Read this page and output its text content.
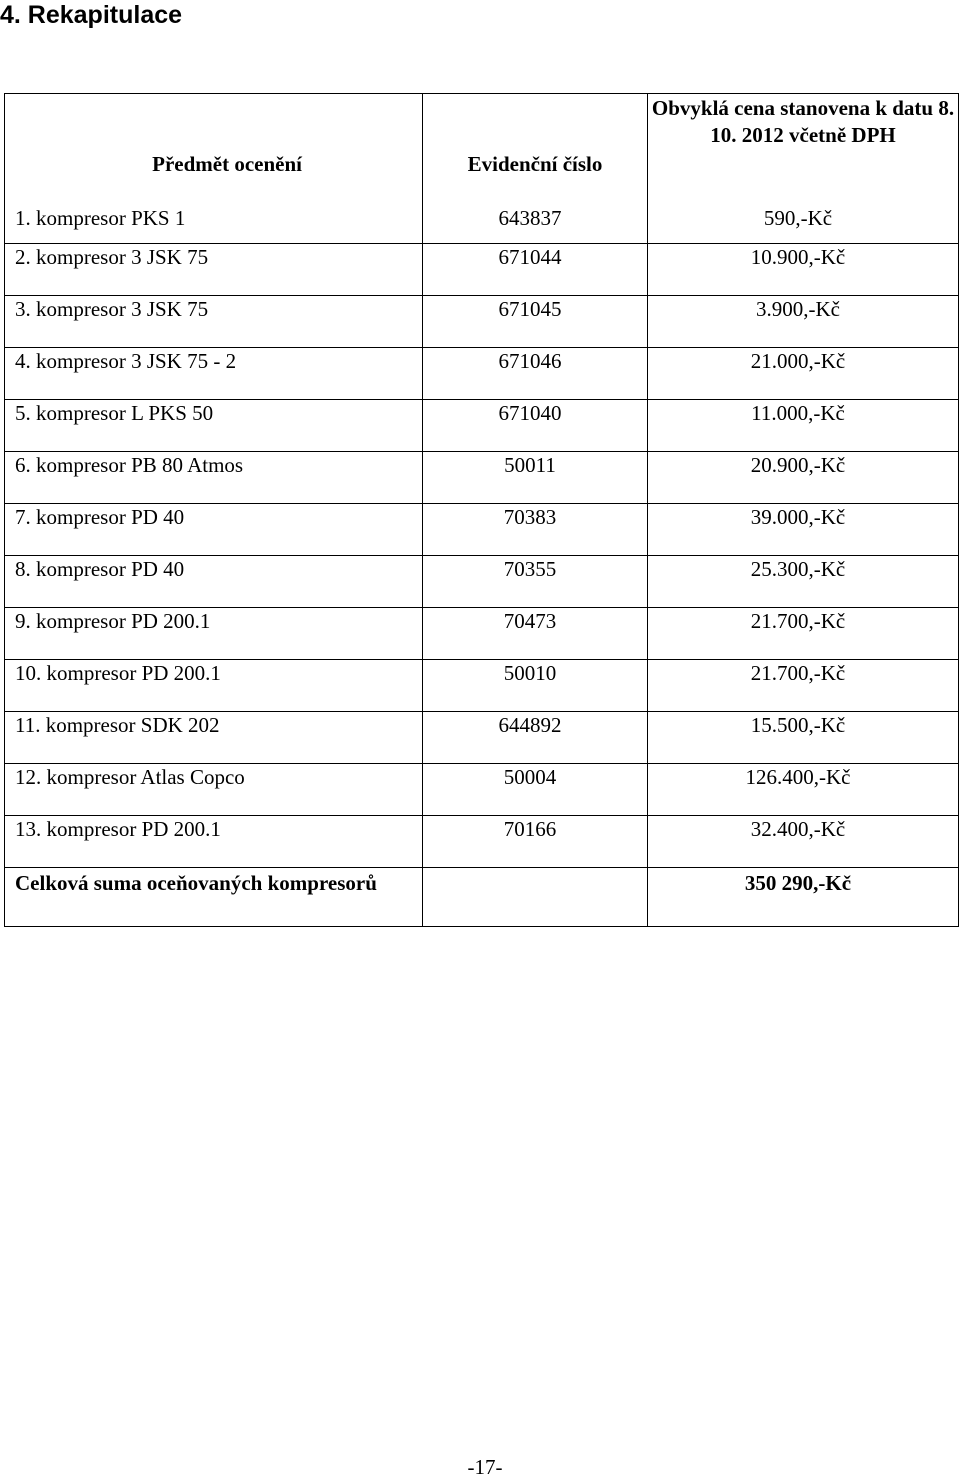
4. Rekapitulace
Předmět ocenění	Evidenční číslo	Obvyklá cena stanovena k datu 8. 10. 2012 včetně DPH
1. kompresor PKS 1	643837	590,-Kč
2. kompresor 3 JSK 75	671044	10.900,-Kč
3. kompresor 3 JSK 75	671045	3.900,-Kč
4. kompresor 3 JSK 75 - 2	671046	21.000,-Kč
5. kompresor L PKS 50	671040	11.000,-Kč
6. kompresor PB 80 Atmos	50011	20.900,-Kč
7. kompresor PD 40	70383	39.000,-Kč
8. kompresor PD 40	70355	25.300,-Kč
9. kompresor PD 200.1	70473	21.700,-Kč
10. kompresor PD 200.1	50010	21.700,-Kč
11. kompresor SDK 202	644892	15.500,-Kč
12. kompresor Atlas Copco	50004	126.400,-Kč
13. kompresor PD 200.1	70166	32.400,-Kč
Celková suma oceňovaných kompresorů		350 290,-Kč
-17-
